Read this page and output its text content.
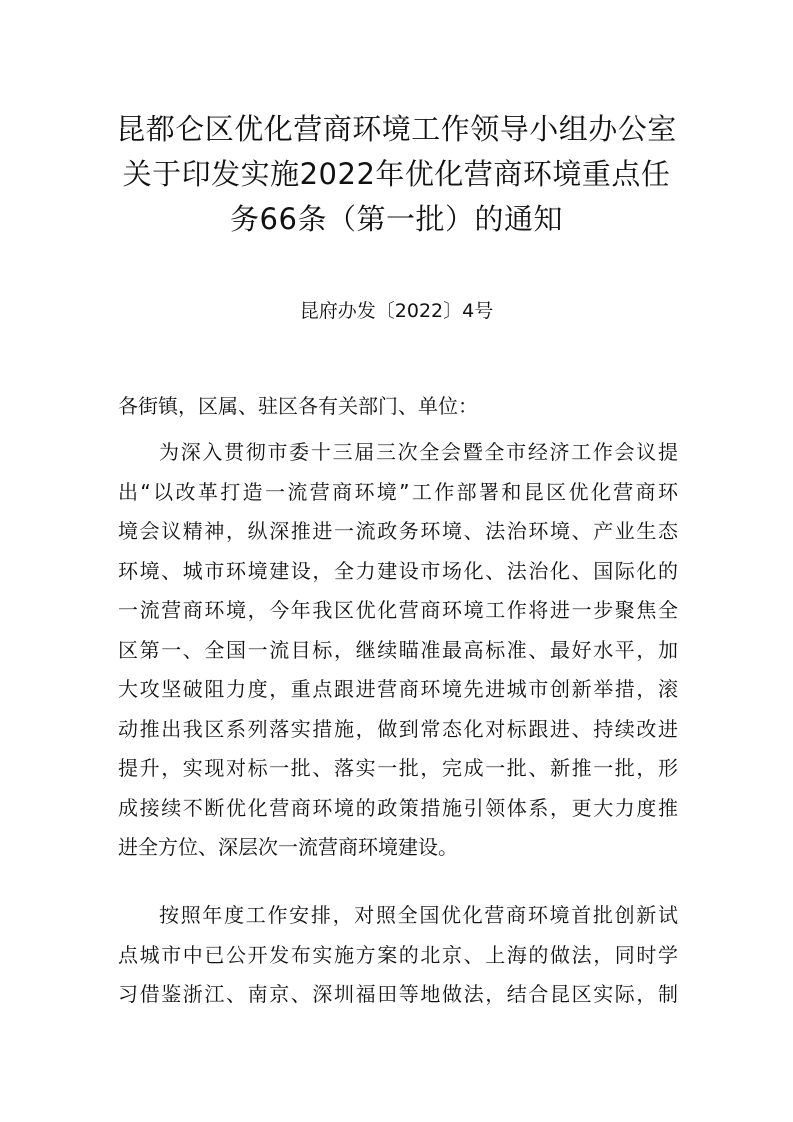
昆都仑区优化营商环境工作领导小组办公室
关于印发实施2022年优化营商环境重点任
务66条（第一批）的通知
昆府办发〔2022〕4号
各街镇，区属、驻区各有关部门、单位：
为深入贯彻市委十三届三次全会暨全市经济工作会议提
出“以改革打造一流营商环境”工作部署和昆区优化营商环
境会议精神，纵深推进一流政务环境、法治环境、产业生态
环境、城市环境建设，全力建设市场化、法治化、国际化的
一流营商环境，今年我区优化营商环境工作将进一步聚焦全
区第一、全国一流目标，继续瞄准最高标准、最好水平，加
大攻坚破阻力度，重点跟进营商环境先进城市创新举措，滚
动推出我区系列落实措施，做到常态化对标跟进、持续改进
提升，实现对标一批、落实一批，完成一批、新推一批，形
成接续不断优化营商环境的政策措施引领体系，更大力度推
进全方位、深层次一流营商环境建设。
按照年度工作安排，对照全国优化营商环境首批创新试
点城市中已公开发布实施方案的北京、上海的做法，同时学
习借鉴浙江、南京、深圳福田等地做法，结合昆区实际，制
